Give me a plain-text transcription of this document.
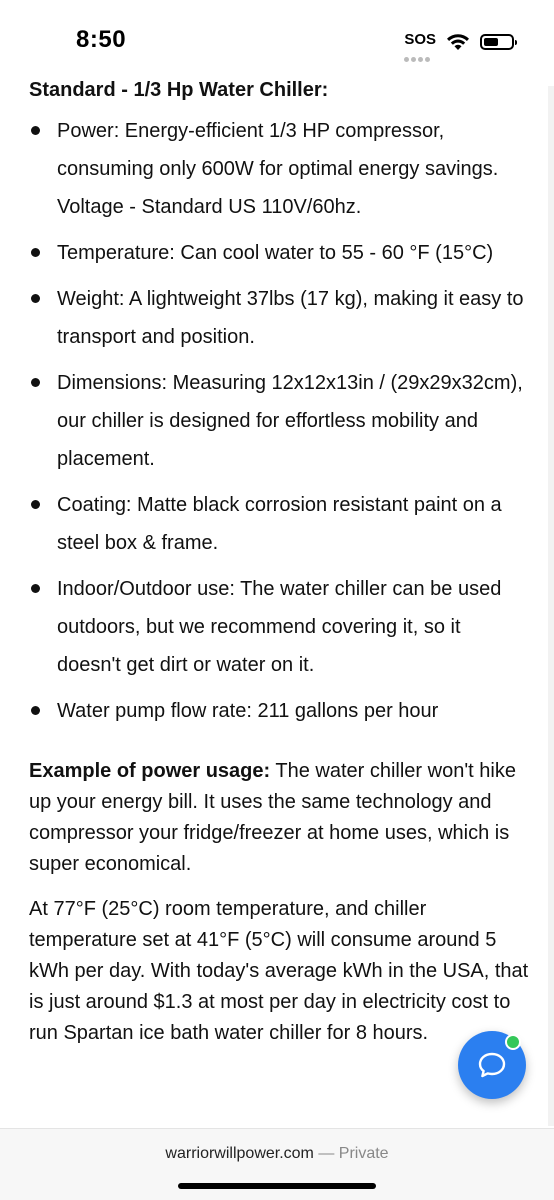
8:50	SOS
Standard - 1/3 Hp Water Chiller:
Power: Energy-efficient 1/3 HP compressor, consuming only 600W for optimal energy savings. Voltage - Standard US 110V/60hz.
Temperature: Can cool water to 55 - 60 °F (15°C)
Weight: A lightweight 37lbs (17 kg), making it easy to transport and position.
Dimensions: Measuring 12x12x13in / (29x29x32cm), our chiller is designed for effortless mobility and placement.
Coating: Matte black corrosion resistant paint on a steel box & frame.
Indoor/Outdoor use: The water chiller can be used outdoors, but we recommend covering it, so it doesn't get dirt or water on it.
Water pump flow rate: 211 gallons per hour

Example of power usage: The water chiller won't hike up your energy bill. It uses the same technology and compressor your fridge/freezer at home uses, which is super economical.

At 77°F (25°C) room temperature, and chiller temperature set at 41°F (5°C) will consume around 5 kWh per day. With today's average kWh in the USA, that is just around $1.3 at most per day in electricity cost to run Spartan ice bath water chiller for 8 hours.

warriorwillpower.com — Private
